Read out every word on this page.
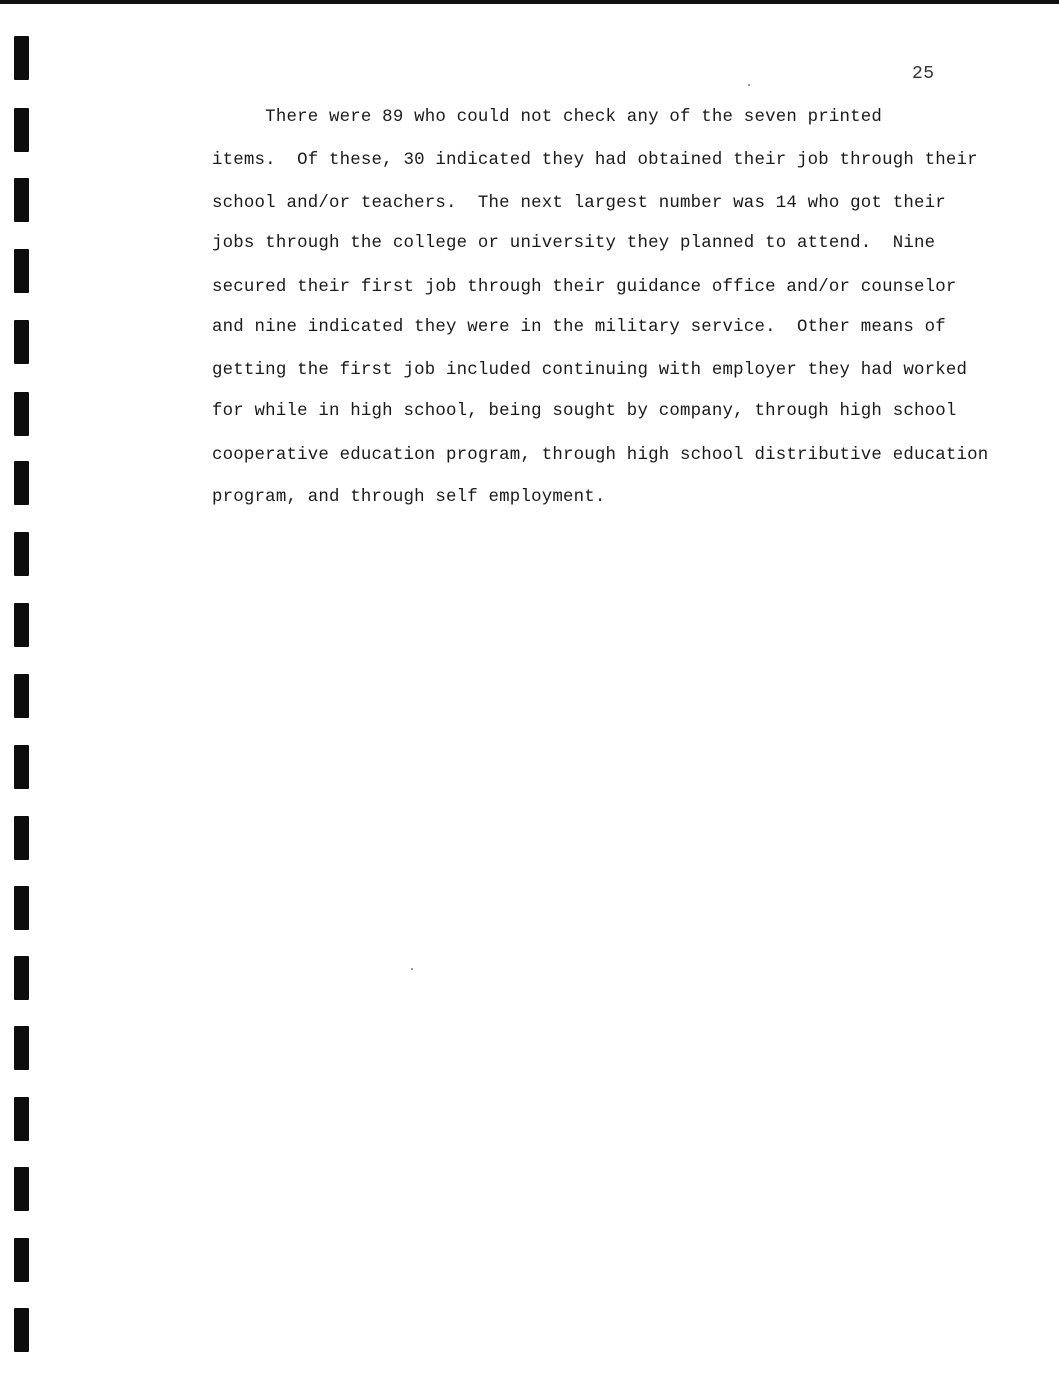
25
There were 89 who could not check any of the seven printed
items.  Of these, 30 indicated they had obtained their job through their
school and/or teachers.  The next largest number was 14 who got their
jobs through the college or university they planned to attend.  Nine
secured their first job through their guidance office and/or counselor
and nine indicated they were in the military service.  Other means of
getting the first job included continuing with employer they had worked
for while in high school, being sought by company, through high school
cooperative education program, through high school distributive education
program, and through self employment.
